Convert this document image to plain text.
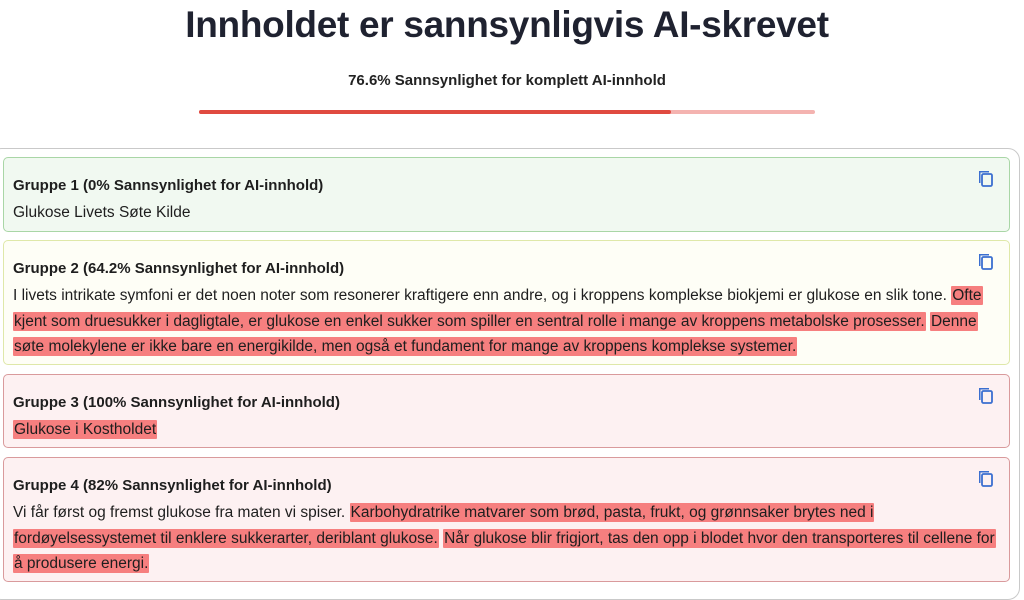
Innholdet er sannsynligvis AI-skrevet
76.6% Sannsynlighet for komplett AI-innhold
Gruppe 1 (0% Sannsynlighet for AI-innhold)
Glukose Livets Søte Kilde
Gruppe 2 (64.2% Sannsynlighet for AI-innhold)
I livets intrikate symfoni er det noen noter som resonerer kraftigere enn andre, og i kroppens komplekse biokjemi er glukose en slik tone. Ofte kjent som druesukker i dagligtale, er glukose en enkel sukker som spiller en sentral rolle i mange av kroppens metabolske prosesser. Denne søte molekylene er ikke bare en energikilde, men også et fundament for mange av kroppens komplekse systemer.
Gruppe 3 (100% Sannsynlighet for AI-innhold)
Glukose i Kostholdet
Gruppe 4 (82% Sannsynlighet for AI-innhold)
Vi får først og fremst glukose fra maten vi spiser. Karbohydratrike matvarer som brød, pasta, frukt, og grønnsaker brytes ned i fordøyelsessystemet til enklere sukkerarter, deriblant glukose. Når glukose blir frigjort, tas den opp i blodet hvor den transporteres til cellene for å produsere energi.
